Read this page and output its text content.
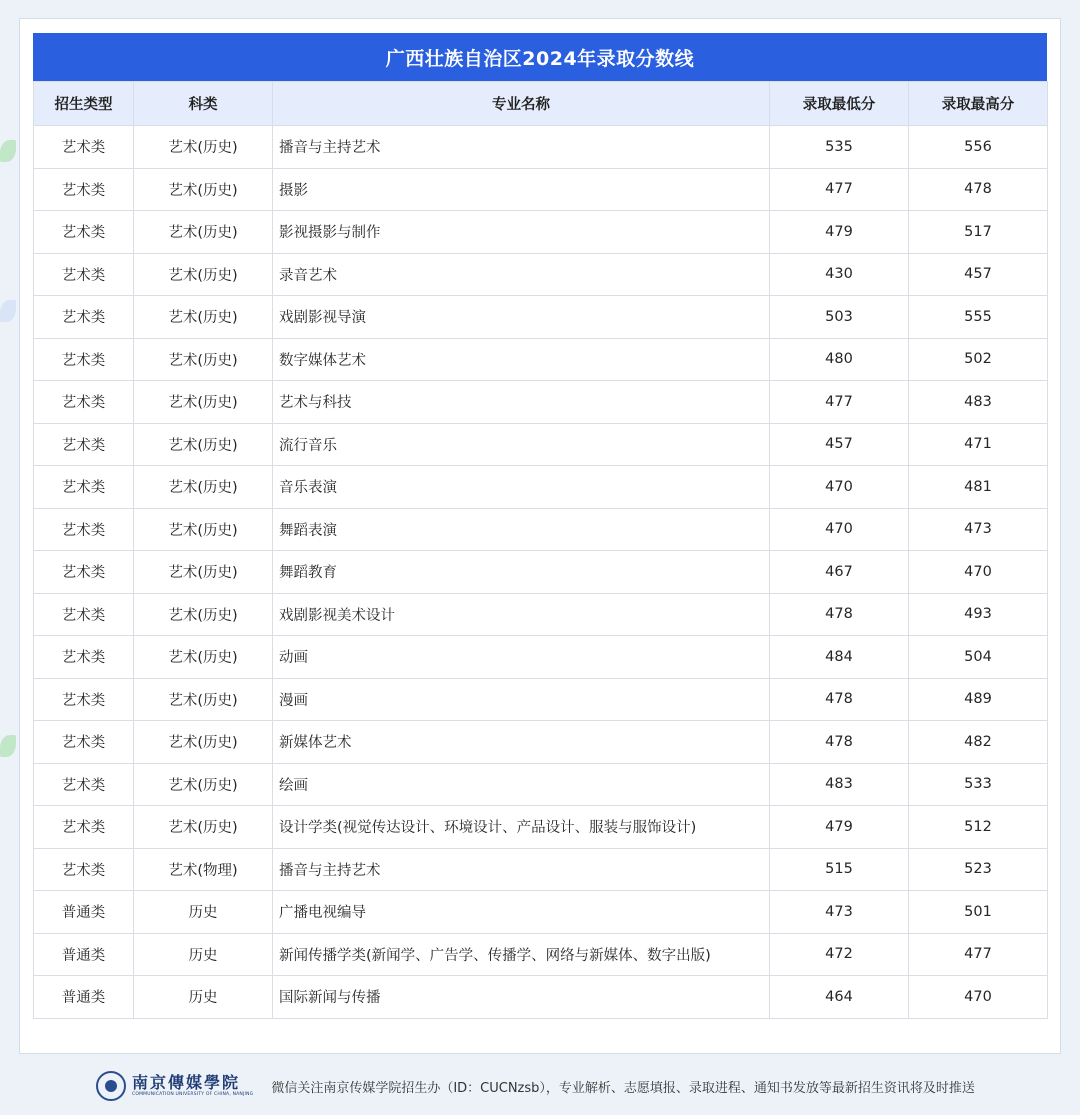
广西壮族自治区2024年录取分数线
招生类型	科类	专业名称	录取最低分	录取最高分
艺术类	艺术(历史)	播音与主持艺术	535	556
艺术类	艺术(历史)	摄影	477	478
艺术类	艺术(历史)	影视摄影与制作	479	517
艺术类	艺术(历史)	录音艺术	430	457
艺术类	艺术(历史)	戏剧影视导演	503	555
艺术类	艺术(历史)	数字媒体艺术	480	502
艺术类	艺术(历史)	艺术与科技	477	483
艺术类	艺术(历史)	流行音乐	457	471
艺术类	艺术(历史)	音乐表演	470	481
艺术类	艺术(历史)	舞蹈表演	470	473
艺术类	艺术(历史)	舞蹈教育	467	470
艺术类	艺术(历史)	戏剧影视美术设计	478	493
艺术类	艺术(历史)	动画	484	504
艺术类	艺术(历史)	漫画	478	489
艺术类	艺术(历史)	新媒体艺术	478	482
艺术类	艺术(历史)	绘画	483	533
艺术类	艺术(历史)	设计学类(视觉传达设计、环境设计、产品设计、服装与服饰设计)	479	512
艺术类	艺术(物理)	播音与主持艺术	515	523
普通类	历史	广播电视编导	473	501
普通类	历史	新闻传播学类(新闻学、广告学、传播学、网络与新媒体、数字出版)	472	477
普通类	历史	国际新闻与传播	464	470
南京傳媒學院
COMMUNICATION UNIVERSITY OF CHINA, NANJING 微信关注南京传媒学院招生办（ID：CUCNzsb），专业解析、志愿填报、录取进程、通知书发放等最新招生资讯将及时推送
